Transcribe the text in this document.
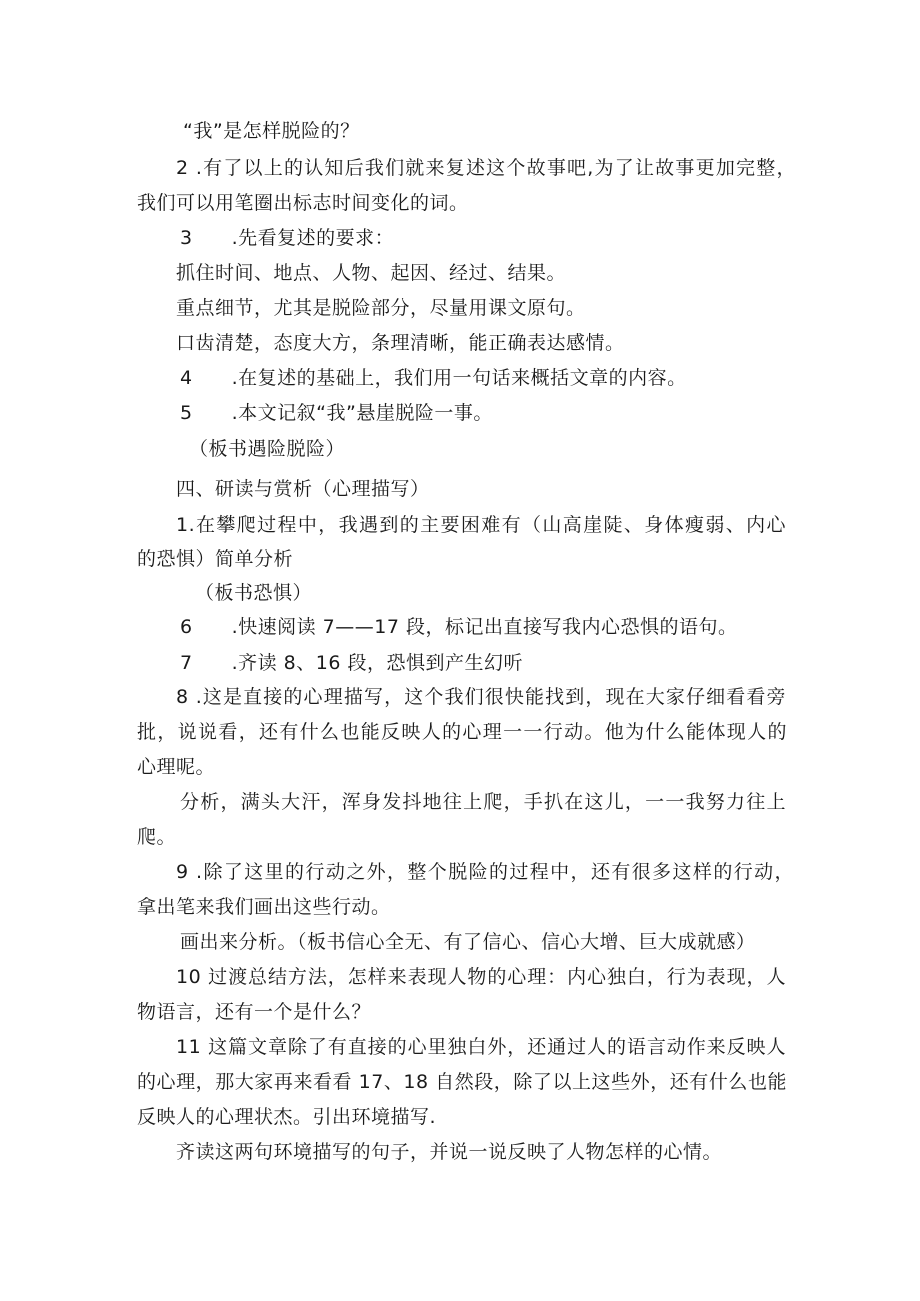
“我”是怎样脱险的？
2 .有了以上的认知后我们就来复述这个故事吧,为了让故事更加完整，
我们可以用笔圈出标志时间变化的词。
3　　.先看复述的要求：
抓住时间、地点、人物、起因、经过、结果。
重点细节，尤其是脱险部分，尽量用课文原句。
口齿清楚，态度大方，条理清晰，能正确表达感情。
4　　.在复述的基础上，我们用一句话来概括文章的内容。
5　　.本文记叙“我”悬崖脱险一事。
（板书遇险脱险）
四、研读与赏析（心理描写）
1.在攀爬过程中，我遇到的主要困难有（山高崖陡、身体瘦弱、内心
的恐惧）简单分析
（板书恐惧）
6　　.快速阅读 7——17 段，标记出直接写我内心恐惧的语句。
7　　.齐读 8、16 段，恐惧到产生幻听
8 .这是直接的心理描写，这个我们很快能找到，现在大家仔细看看旁
批，说说看，还有什么也能反映人的心理一一行动。他为什么能体现人的
心理呢。
分析，满头大汗，浑身发抖地往上爬，手扒在这儿，一一我努力往上
爬。
9 .除了这里的行动之外，整个脱险的过程中，还有很多这样的行动，
拿出笔来我们画出这些行动。
画出来分析。（板书信心全无、有了信心、信心大增、巨大成就感）
10 过渡总结方法，怎样来表现人物的心理：内心独白，行为表现，人
物语言，还有一个是什么？
11 这篇文章除了有直接的心里独白外，还通过人的语言动作来反映人
的心理，那大家再来看看 17、18 自然段，除了以上这些外，还有什么也能
反映人的心理状杰。引出环境描写.
齐读这两句环境描写的句子，并说一说反映了人物怎样的心情。
